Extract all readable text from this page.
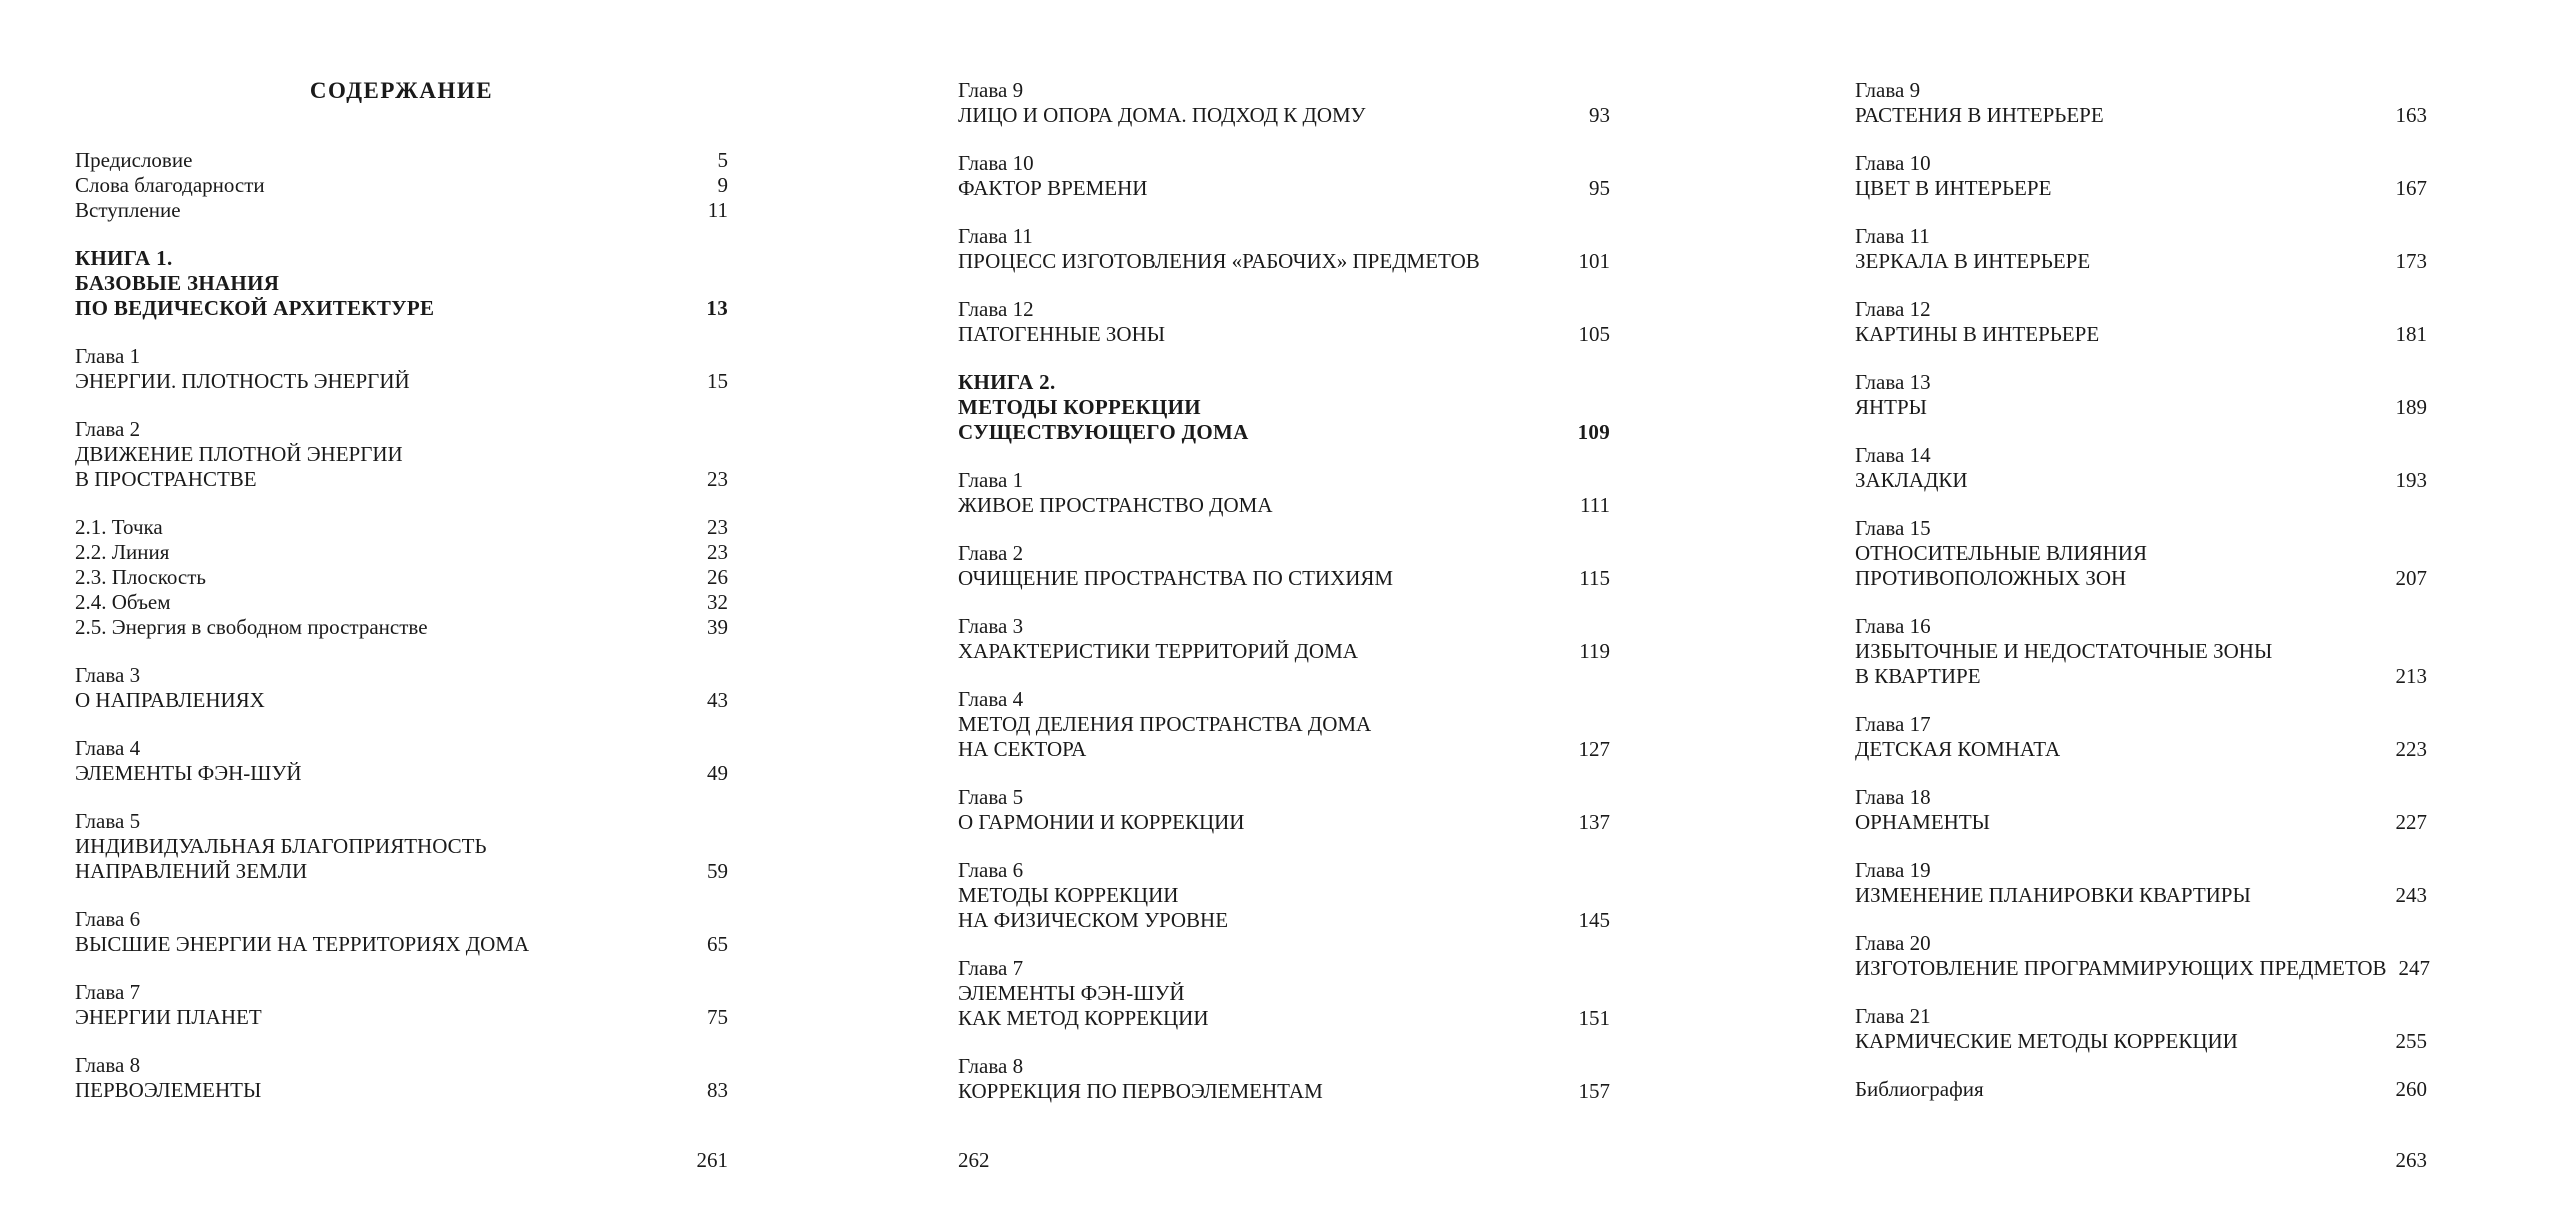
СОДЕРЖАНИЕ
Предисловие	5
Слова благодарности	9
Вступление	11
КНИГА 1.
БАЗОВЫЕ ЗНАНИЯ
ПО ВЕДИЧЕСКОЙ АРХИТЕКТУРЕ	13
Глава 1
ЭНЕРГИИ. ПЛОТНОСТЬ ЭНЕРГИЙ	15
Глава 2
ДВИЖЕНИЕ ПЛОТНОЙ ЭНЕРГИИ
В ПРОСТРАНСТВЕ	23
2.1. Точка	23
2.2. Линия	23
2.3. Плоскость	26
2.4. Объем	32
2.5. Энергия в свободном пространстве	39
Глава 3
О НАПРАВЛЕНИЯХ	43
Глава 4
ЭЛЕМЕНТЫ ФЭН-ШУЙ	49
Глава 5
ИНДИВИДУАЛЬНАЯ БЛАГОПРИЯТНОСТЬ
НАПРАВЛЕНИЙ ЗЕМЛИ	59
Глава 6
ВЫСШИЕ ЭНЕРГИИ НА ТЕРРИТОРИЯХ ДОМА	65
Глава 7
ЭНЕРГИИ ПЛАНЕТ	75
Глава 8
ПЕРВОЭЛЕМЕНТЫ	83
261
Глава 9
ЛИЦО И ОПОРА ДОМА. ПОДХОД К ДОМУ	93
Глава 10
ФАКТОР ВРЕМЕНИ	95
Глава 11
ПРОЦЕСС ИЗГОТОВЛЕНИЯ «РАБОЧИХ» ПРЕДМЕТОВ	101
Глава 12
ПАТОГЕННЫЕ ЗОНЫ	105
КНИГА 2.
МЕТОДЫ КОРРЕКЦИИ
СУЩЕСТВУЮЩЕГО ДОМА	109
Глава 1
ЖИВОЕ ПРОСТРАНСТВО ДОМА	111
Глава 2
ОЧИЩЕНИЕ ПРОСТРАНСТВА ПО СТИХИЯМ	115
Глава 3
ХАРАКТЕРИСТИКИ ТЕРРИТОРИЙ ДОМА	119
Глава 4
МЕТОД ДЕЛЕНИЯ ПРОСТРАНСТВА ДОМА
НА СЕКТОРА	127
Глава 5
О ГАРМОНИИ И КОРРЕКЦИИ	137
Глава 6
МЕТОДЫ КОРРЕКЦИИ
НА ФИЗИЧЕСКОМ УРОВНЕ	145
Глава 7
ЭЛЕМЕНТЫ ФЭН-ШУЙ
КАК МЕТОД КОРРЕКЦИИ	151
Глава 8
КОРРЕКЦИЯ ПО ПЕРВОЭЛЕМЕНТАМ	157
262
Глава 9
РАСТЕНИЯ В ИНТЕРЬЕРЕ	163
Глава 10
ЦВЕТ В ИНТЕРЬЕРЕ	167
Глава 11
ЗЕРКАЛА В ИНТЕРЬЕРЕ	173
Глава 12
КАРТИНЫ В ИНТЕРЬЕРЕ	181
Глава 13
ЯНТРЫ	189
Глава 14
ЗАКЛАДКИ	193
Глава 15
ОТНОСИТЕЛЬНЫЕ ВЛИЯНИЯ
ПРОТИВОПОЛОЖНЫХ ЗОН	207
Глава 16
ИЗБЫТОЧНЫЕ И НЕДОСТАТОЧНЫЕ ЗОНЫ
В КВАРТИРЕ	213
Глава 17
ДЕТСКАЯ КОМНАТА	223
Глава 18
ОРНАМЕНТЫ	227
Глава 19
ИЗМЕНЕНИЕ ПЛАНИРОВКИ КВАРТИРЫ	243
Глава 20
ИЗГОТОВЛЕНИЕ ПРОГРАММИРУЮЩИХ ПРЕДМЕТОВ 247
Глава 21
КАРМИЧЕСКИЕ МЕТОДЫ КОРРЕКЦИИ	255
Библиография	260
263
